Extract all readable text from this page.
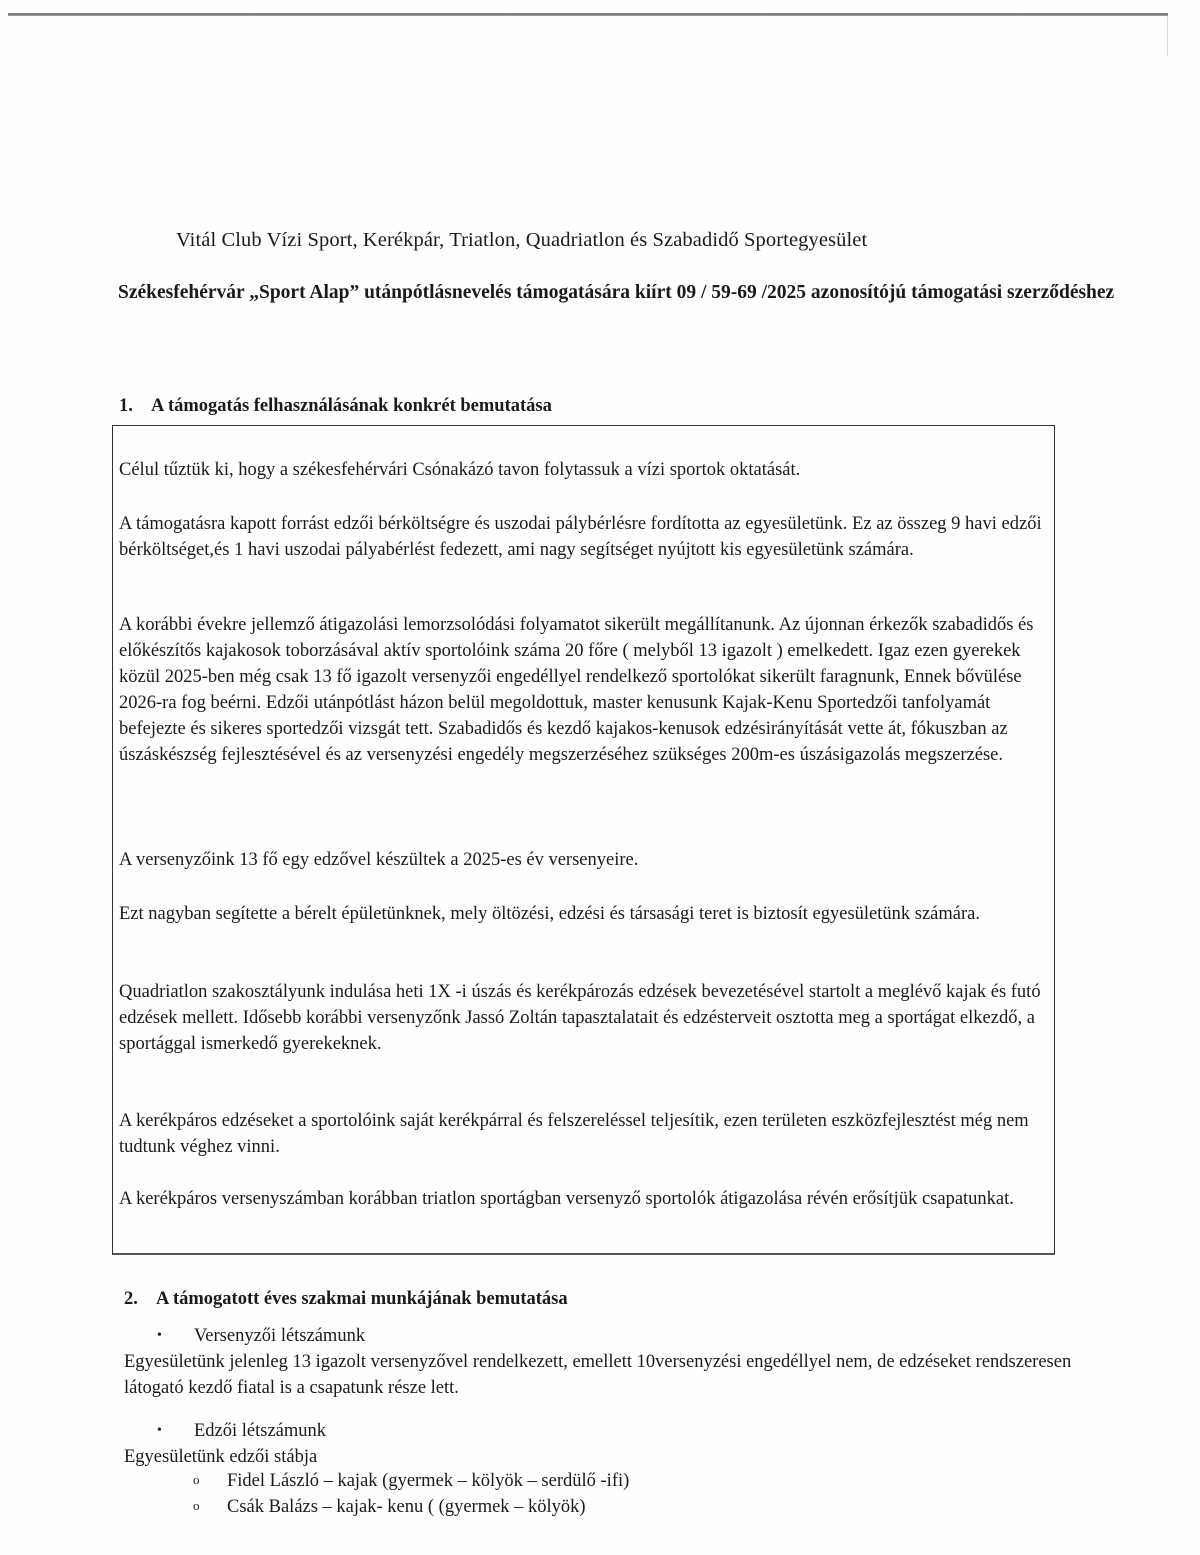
Vitál Club Vízi Sport, Kerékpár, Triatlon, Quadriatlon és Szabadidő Sportegyesület
Székesfehérvár „Sport Alap” utánpótlásnevelés támogatására kiírt 09 / 59-69 /2025 azonosítójú támogatási szerződéshez
1. A támogatás felhasználásának konkrét bemutatása
Célul tűztük ki, hogy a székesfehérvári Csónakázó tavon folytassuk a vízi sportok oktatását.
A támogatásra kapott forrást edzői bérköltségre és uszodai pálybérlésre fordította az egyesületünk. Ez az összeg 9 havi edzői bérköltséget,és 1 havi uszodai pályabérlést fedezett, ami nagy segítséget nyújtott kis egyesületünk számára.
A korábbi évekre jellemző átigazolási lemorzsolódási folyamatot sikerült megállítanunk. Az újonnan érkezők szabadidős és előkészítős kajakosok toborzásával aktív sportolóink száma 20 főre ( melyből 13 igazolt ) emelkedett. Igaz ezen gyerekek közül 2025-ben még csak 13 fő igazolt versenyzői engedéllyel rendelkező sportolókat sikerült faragnunk, Ennek bővülése 2026-ra fog beérni. Edzői utánpótlást házon belül megoldottuk, master kenusunk Kajak-Kenu Sportedzői tanfolyamát befejezte és sikeres sportedzői vizsgát tett. Szabadidős és kezdő kajakos-kenusok edzésirányítását vette át, fókuszban az úszáskészség fejlesztésével és az versenyzési engedély megszerzéséhez szükséges 200m-es úszásigazolás megszerzése.
A versenyzőink 13 fő egy edzővel készültek a 2025-es év versenyeire.
Ezt nagyban segítette a bérelt épületünknek, mely öltözési, edzési és társasági teret is biztosít egyesületünk számára.
Quadriatlon szakosztályunk indulása heti 1X -i úszás és kerékpározás edzések bevezetésével startolt a meglévő kajak és futó edzések mellett. Idősebb korábbi versenyzőnk Jassó Zoltán tapasztalatait és edzésterveit osztotta meg a sportágat elkezdő, a sportággal ismerkedő gyerekeknek.
A kerékpáros edzéseket a sportolóink saját kerékpárral és felszereléssel teljesítik, ezen területen eszközfejlesztést még nem tudtunk véghez vinni.
A kerékpáros versenyszámban korábban triatlon sportágban versenyző sportolók átigazolása révén erősítjük csapatunkat.
2. A támogatott éves szakmai munkájának bemutatása
• Versenyzői létszámunk
Egyesületünk jelenleg 13 igazolt versenyzővel rendelkezett, emellett 10versenyzési engedéllyel nem, de edzéseket rendszeresen látogató kezdő fiatal is a csapatunk része lett.
• Edzői létszámunk
Egyesületünk edzői stábja
o Fidel László – kajak (gyermek – kölyök – serdülő -ifi)
o Csák Balázs – kajak- kenu ( (gyermek – kölyök)
